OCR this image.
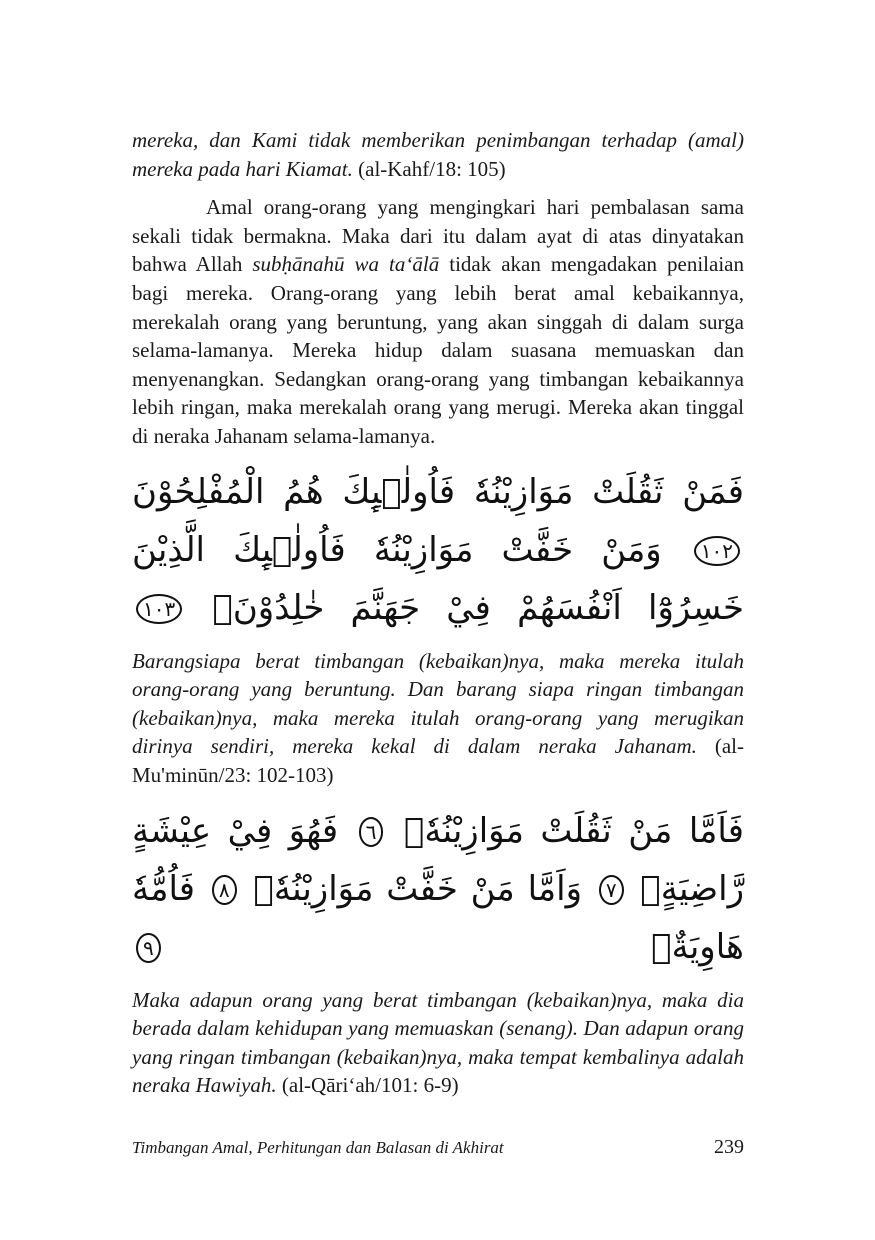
mereka, dan Kami tidak memberikan penimbangan terhadap (amal) mereka pada hari Kiamat. (al-Kahf/18: 105)

Amal orang-orang yang mengingkari hari pembalasan sama sekali tidak bermakna. Maka dari itu dalam ayat di atas dinyatakan bahwa Allah subḥānahū wa ta‘ālā tidak akan mengadakan penilaian bagi mereka. Orang-orang yang lebih berat amal kebaikannya, merekalah orang yang beruntung, yang akan singgah di dalam surga selama-lamanya. Mereka hidup dalam suasana memuaskan dan menyenangkan. Sedangkan orang-orang yang timbangan kebaikannya lebih ringan, maka merekalah orang yang merugi. Mereka akan tinggal di neraka Jahanam selama-lamanya.

فَمَنْ ثَقُلَتْ مَوَازِيْنُهٗ فَاُولٰۤىِٕكَ هُمُ الْمُفْلِحُوْنَ ١٠٢ وَمَنْ خَفَّتْ مَوَازِيْنُهٗ فَاُولٰۤىِٕكَ الَّذِيْنَ خَسِرُوْٓا اَنْفُسَهُمْ فِيْ جَهَنَّمَ خٰلِدُوْنَۚ ١٠٣

Barangsiapa berat timbangan (kebaikan)nya, maka mereka itulah orang-orang yang beruntung. Dan barang siapa ringan timbangan (kebaikan)nya, maka mereka itulah orang-orang yang merugikan dirinya sendiri, mereka kekal di dalam neraka Jahanam. (al-Mu'minūn/23: 102-103)

فَاَمَّا مَنْ ثَقُلَتْ مَوَازِيْنُهٗۙ ٦ فَهُوَ فِيْ عِيْشَةٍ رَّاضِيَةٍۗ ٧ وَاَمَّا مَنْ خَفَّتْ مَوَازِيْنُهٗۙ ٨ فَاُمُّهٗ هَاوِيَةٌۗ ٩

Maka adapun orang yang berat timbangan (kebaikan)nya, maka dia berada dalam kehidupan yang memuaskan (senang). Dan adapun orang yang ringan timbangan (kebaikan)nya, maka tempat kembalinya adalah neraka Hawiyah. (al-Qāri‘ah/101: 6-9)

Timbangan Amal, Perhitungan dan Balasan di Akhirat	239
